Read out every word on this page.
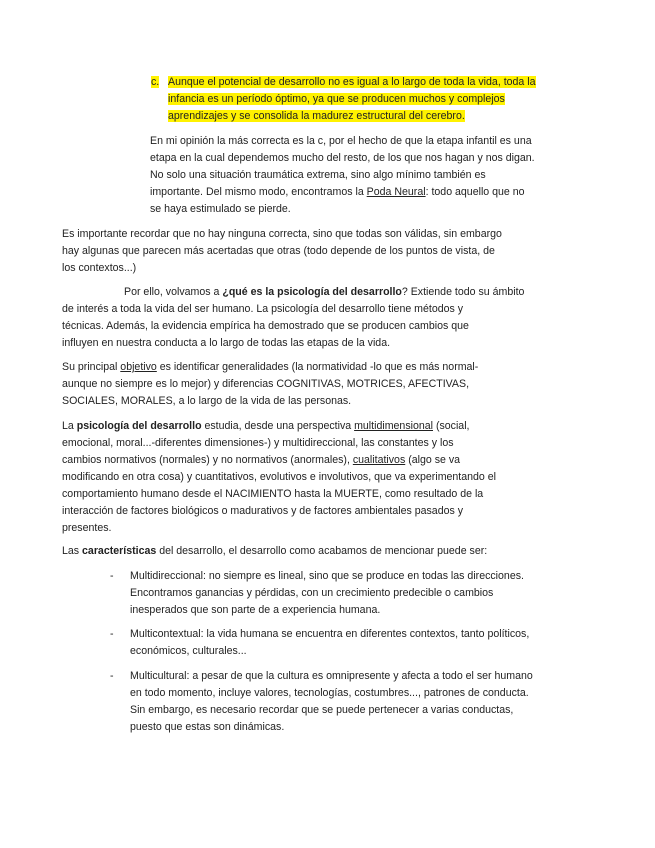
c. Aunque el potencial de desarrollo no es igual a lo largo de toda la vida, toda la
infancia es un período óptimo, ya que se producen muchos y complejos
aprendizajes y se consolida la madurez estructural del cerebro.
En mi opinión la más correcta es la c, por el hecho de que la etapa infantil es una
etapa en la cual dependemos mucho del resto, de los que nos hagan y nos digan.
No solo una situación traumática extrema, sino algo mínimo también es
importante. Del mismo modo, encontramos la Poda Neural: todo aquello que no
se haya estimulado se pierde.
Es importante recordar que no hay ninguna correcta, sino que todas son válidas, sin embargo
hay algunas que parecen más acertadas que otras (todo depende de los puntos de vista, de
los contextos...)
Por ello, volvamos a ¿qué es la psicología del desarrollo? Extiende todo su ámbito
de interés a toda la vida del ser humano. La psicología del desarrollo tiene métodos y
técnicas. Además, la evidencia empírica ha demostrado que se producen cambios que
influyen en nuestra conducta a lo largo de todas las etapas de la vida.
Su principal objetivo es identificar generalidades (la normatividad -lo que es más normal-
aunque no siempre es lo mejor) y diferencias COGNITIVAS, MOTRICES, AFECTIVAS,
SOCIALES, MORALES, a lo largo de la vida de las personas.
La psicología del desarrollo estudia, desde una perspectiva multidimensional (social,
emocional, moral...-diferentes dimensiones-) y multidireccional, las constantes y los
cambios normativos (normales) y no normativos (anormales), cualitativos (algo se va
modificando en otra cosa) y cuantitativos, evolutivos e involutivos, que va experimentando el
comportamiento humano desde el NACIMIENTO hasta la MUERTE, como resultado de la
interacción de factores biológicos o madurativos y de factores ambientales pasados y
presentes.
Las características del desarrollo, el desarrollo como acabamos de mencionar puede ser:
- Multidireccional: no siempre es lineal, sino que se produce en todas las direcciones.
Encontramos ganancias y pérdidas, con un crecimiento predecible o cambios
inesperados que son parte de a experiencia humana.
- Multicontextual: la vida humana se encuentra en diferentes contextos, tanto políticos,
económicos, culturales...
- Multicultural: a pesar de que la cultura es omnipresente y afecta a todo el ser humano
en todo momento, incluye valores, tecnologías, costumbres..., patrones de conducta.
Sin embargo, es necesario recordar que se puede pertenecer a varias conductas,
puesto que estas son dinámicas.
